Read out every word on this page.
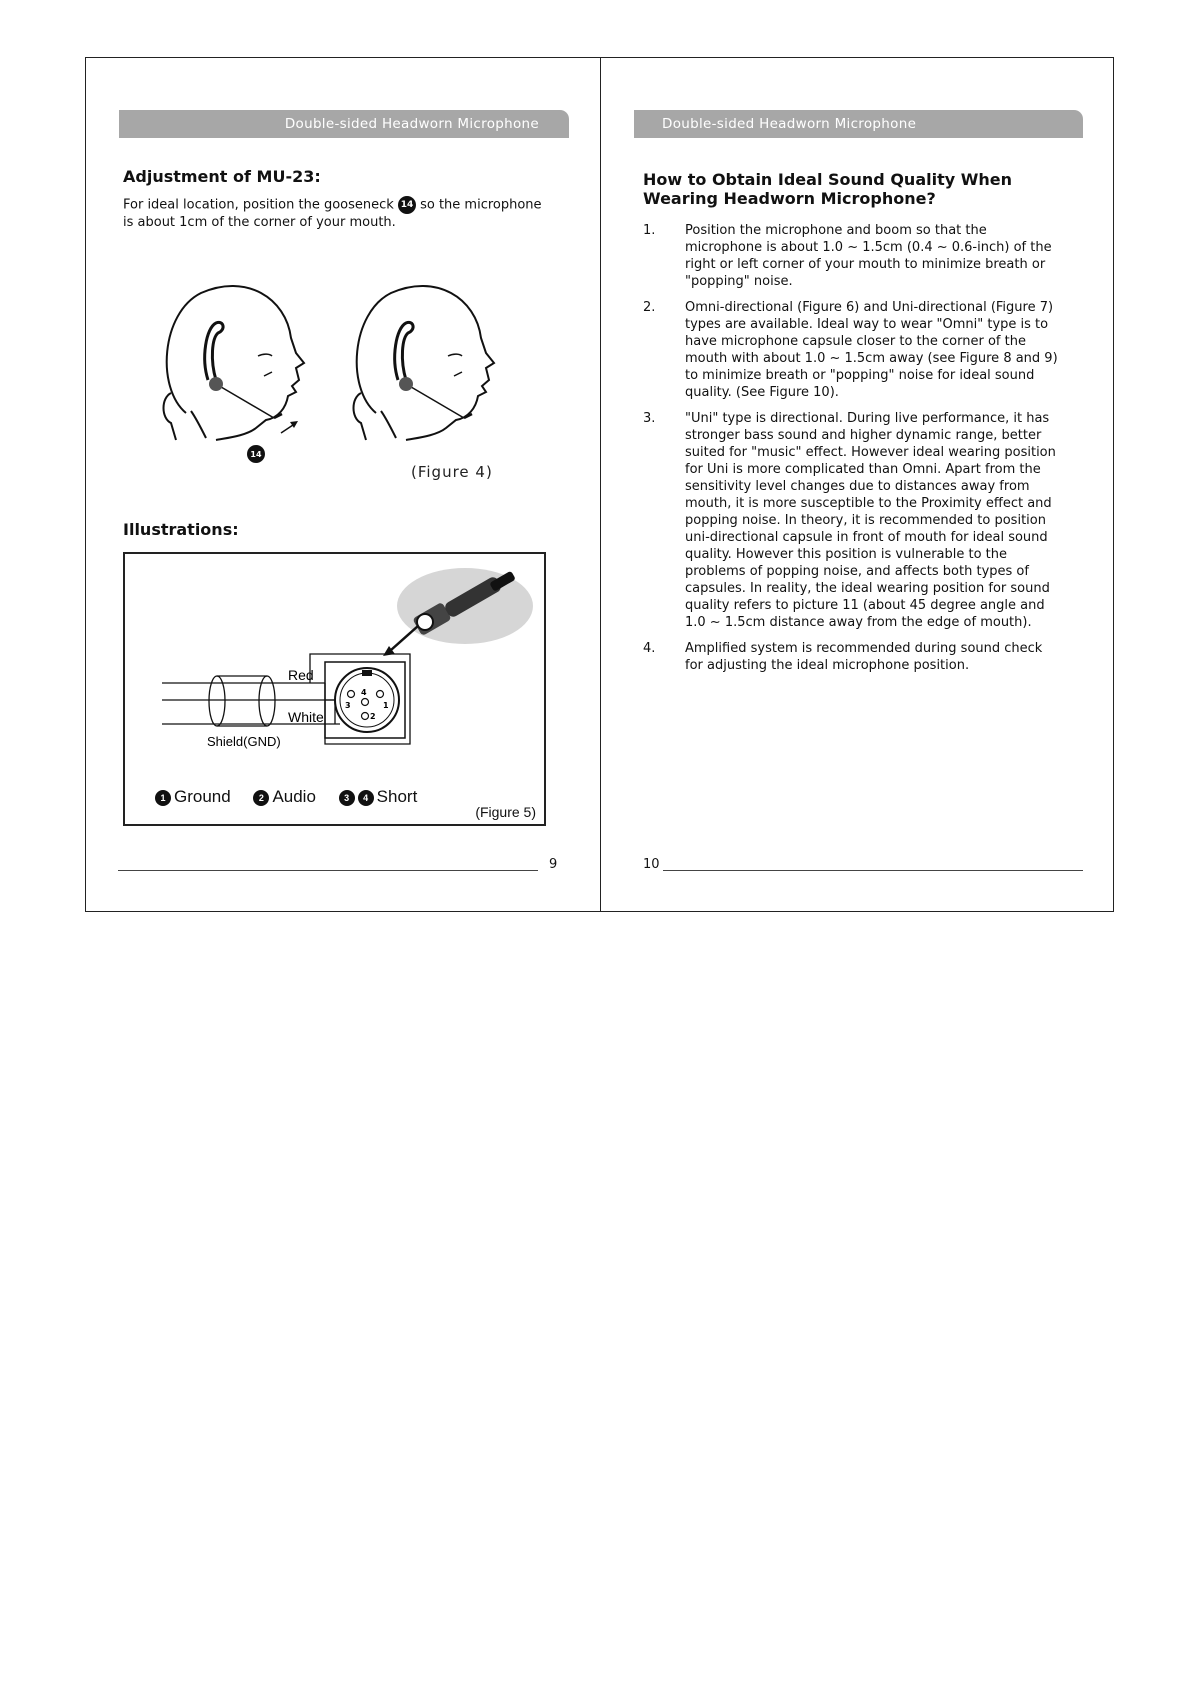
Double-sided Headworn Microphone
Adjustment of MU-23:

For ideal location, position the gooseneck 14 so the microphone is about 1cm of the corner of your mouth.

14
(Figure 4)
Illustrations:
3
4
1
2
Red
White
Shield(GND)
1 Ground	2 Audio	3 4 Short
(Figure 5)
9
Double-sided Headworn Microphone
How to Obtain Ideal Sound Quality When Wearing Headworn Microphone?
1. Position the microphone and boom so that the microphone is about 1.0 ~ 1.5cm (0.4 ~ 0.6-inch) of the right or left corner of your mouth to minimize breath or "popping" noise.
2. Omni-directional (Figure 6) and Uni-directional (Figure 7) types are available. Ideal way to wear "Omni" type is to have microphone capsule closer to the corner of the mouth with about 1.0 ~ 1.5cm away (see Figure 8 and 9) to minimize breath or "popping" noise for ideal sound quality. (See Figure 10).
3. "Uni" type is directional. During live performance, it has stronger bass sound and higher dynamic range, better suited for "music" effect. However ideal wearing position for Uni is more complicated than Omni. Apart from the sensitivity level changes due to distances away from mouth, it is more susceptible to the Proximity effect and popping noise. In theory, it is recommended to position uni-directional capsule in front of mouth for ideal sound quality. However this position is vulnerable to the problems of popping noise, and affects both types of capsules. In reality, the ideal wearing position for sound quality refers to picture 11 (about 45 degree angle and 1.0 ~ 1.5cm distance away from the edge of mouth).
4. Amplified system is recommended during sound check for adjusting the ideal microphone position.
10
